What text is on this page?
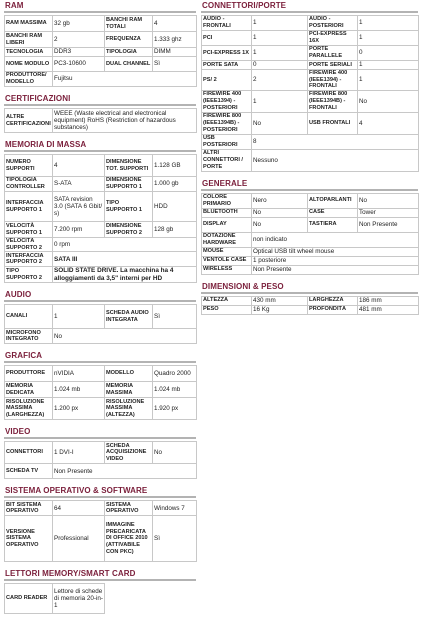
RAM
RAM MASSIMA	32 gb	BANCHI RAM TOTALI	4
BANCHI RAM LIBERI	2	FREQUENZA	1.333 ghz
TECNOLOGIA	DDR3	TIPOLOGIA	DIMM
NOME MODULO	PC3-10600	DUAL CHANNEL	Sì
PRODUTTORE/ MODELLO	Fujitsu		
CERTIFICAZIONI
ALTRE CERTIFICAZIONI	WEEE (Waste electrical and electronical equipment) RoHS (Restriction of hazardous substances)
MEMORIA DI MASSA
NUMERO SUPPORTI	4	DIMENSIONE TOT. SUPPORTI	1.128 GB
TIPOLOGIA CONTROLLER	S-ATA	DIMENSIONE SUPPORTO 1	1.000 gb
INTERFACCIA SUPPORTO 1	SATA revision 3.0 (SATA 6 Gbit/ s)	TIPO SUPPORTO 1	HDD
VELOCITÀ SUPPORTO 1	7.200 rpm	DIMENSIONE SUPPORTO 2	128 gb
VELOCITÀ SUPPORTO 2	0 rpm		
INTERFACCIA SUPPORTO 2	SATA III		
TIPO SUPPORTO 2	SOLID STATE DRIVE. La macchina ha 4 alloggiamenti da 3,5" interni per HD		
AUDIO
CANALI	1	SCHEDA AUDIO INTEGRATA	Sì
MICROFONO INTEGRATO	No		
GRAFICA
PRODUTTORE	nVIDIA	MODELLO	Quadro 2000
MEMORIA DEDICATA	1.024 mb	MEMORIA MASSIMA	1.024 mb
RISOLUZIONE MASSIMA (LARGHEZZA)	1.200 px	RISOLUZIONE MASSIMA (ALTEZZA)	1.920 px
VIDEO
CONNETTORI	1 DVI-I	SCHEDA ACQUISIZIONE VIDEO	No
SCHEDA TV	Non Presente		
SISTEMA OPERATIVO & SOFTWARE
BIT SISTEMA OPERATIVO	64	SISTEMA OPERATIVO	Windows 7
VERSIONE SISTEMA OPERATIVO	Professional	IMMAGINE PRECARICATA DI OFFICE 2010 (ATTIVABILE CON PKC)	Sì
LETTORI MEMORY/SMART CARD
CARD READER	Lettore di schede di memoria 20-in-1
CONNETTORI/PORTE
AUDIO - FRONTALI	1	AUDIO - POSTERIORI	1
PCI	1	PCI-EXPRESS 16X	1
PCI-EXPRESS 1X	1	PORTE PARALLELE	0
PORTE SATA	0	PORTE SERIALI	1
PS/ 2	2	FIREWIRE 400 (IEEE1394) - FRONTALI	1
FIREWIRE 400 (IEEE1394) - POSTERIORI	1	FIREWIRE 800 (IEEE1394B) - FRONTALI	No
FIREWIRE 800 (IEEE1394B) - POSTERIORI	No	USB FRONTALI	4
USB POSTERIORI	8		
ALTRI CONNETTORI / PORTE	Nessuno		
GENERALE
COLORE PRIMARIO	Nero	ALTOPARLANTI	No
BLUETOOTH	No	CASE	Tower
DISPLAY	No	TASTIERA	Non Presente
DOTAZIONE HARDWARE	non indicato		
MOUSE	Optical USB tilt wheel mouse		
VENTOLE CASE	1 posteriore		
WIRELESS	Non Presente		
DIMENSIONI & PESO
ALTEZZA	430 mm	LARGHEZZA	186 mm
PESO	16 Kg	PROFONDITÀ	481 mm
